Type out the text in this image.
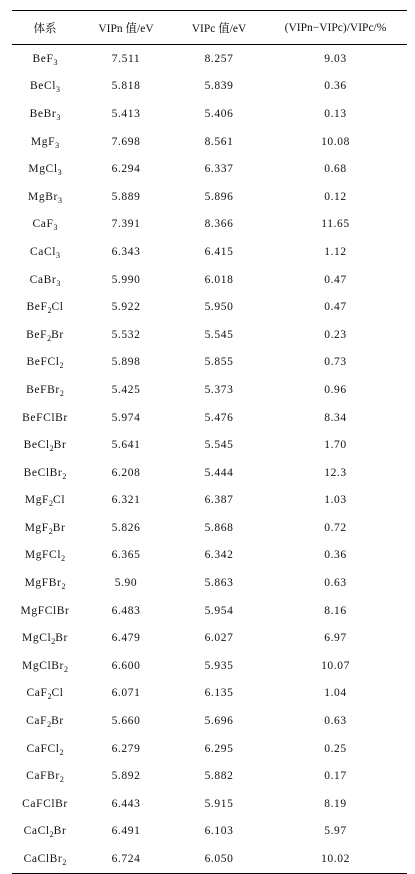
体系	VIPn 值/eV	VIPc 值/eV	(VIPn−VIPc)/VIPc/%
BeF$_3$	7.511	8.257	9.03
BeCl$_3$	5.818	5.839	0.36
BeBr$_3$	5.413	5.406	0.13
MgF$_3$	7.698	8.561	10.08
MgCl$_3$	6.294	6.337	0.68
MgBr$_3$	5.889	5.896	0.12
CaF$_3$	7.391	8.366	11.65
CaCl$_3$	6.343	6.415	1.12
CaBr$_3$	5.990	6.018	0.47
BeF$_2$Cl	5.922	5.950	0.47
BeF$_2$Br	5.532	5.545	0.23
BeFCl$_2$	5.898	5.855	0.73
BeFBr$_2$	5.425	5.373	0.96
BeFClBr	5.974	5.476	8.34
BeCl$_2$Br	5.641	5.545	1.70
BeClBr$_2$	6.208	5.444	12.3
MgF$_2$Cl	6.321	6.387	1.03
MgF$_2$Br	5.826	5.868	0.72
MgFCl$_2$	6.365	6.342	0.36
MgFBr$_2$	5.90	5.863	0.63
MgFClBr	6.483	5.954	8.16
MgCl$_2$Br	6.479	6.027	6.97
MgClBr$_2$	6.600	5.935	10.07
CaF$_2$Cl	6.071	6.135	1.04
CaF$_2$Br	5.660	5.696	0.63
CaFCl$_2$	6.279	6.295	0.25
CaFBr$_2$	5.892	5.882	0.17
CaFClBr	6.443	5.915	8.19
CaCl$_2$Br	6.491	6.103	5.97
CaClBr$_2$	6.724	6.050	10.02
